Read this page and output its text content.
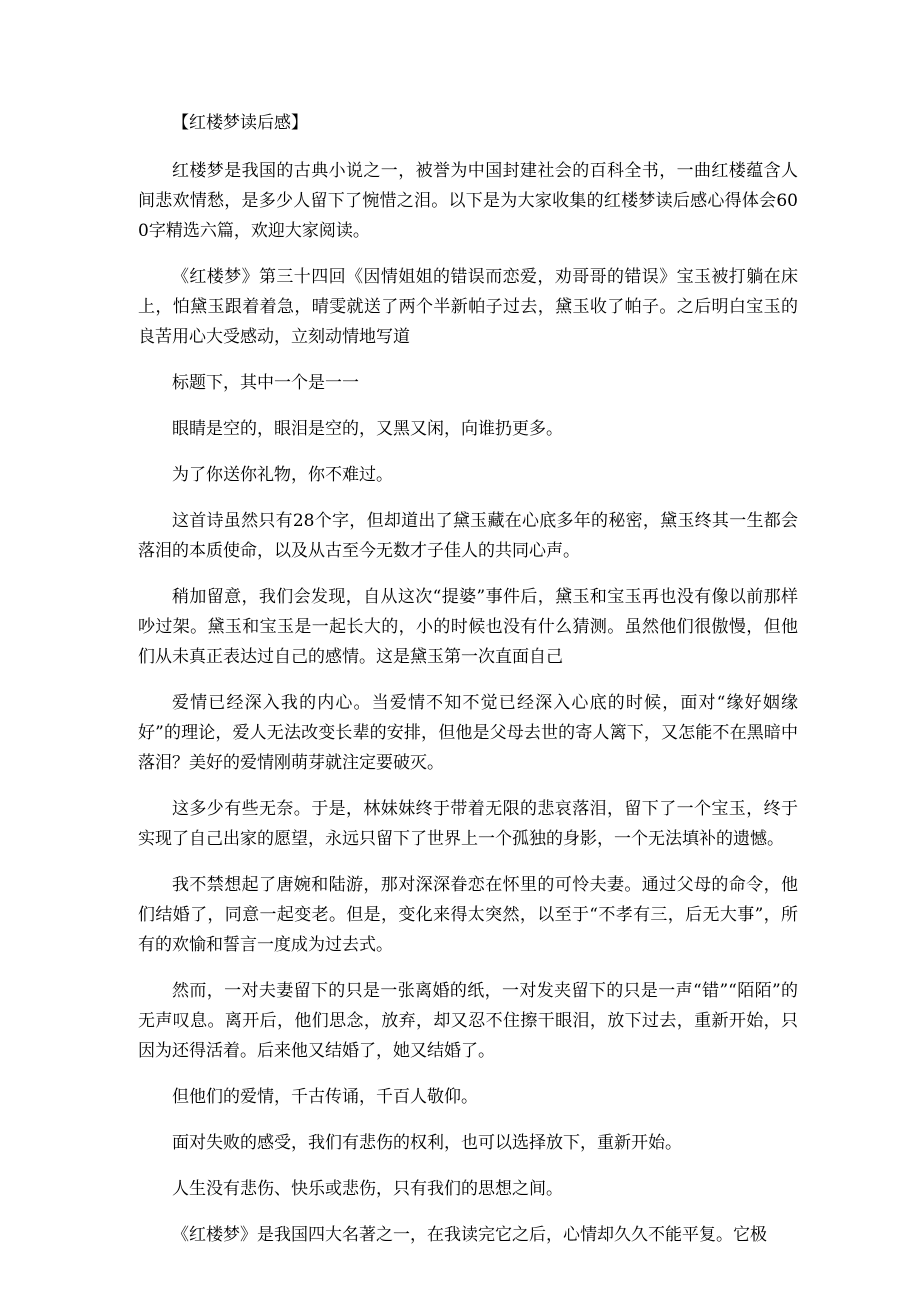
【红楼梦读后感】

红楼梦是我国的古典小说之一，被誉为中国封建社会的百科全书，一曲红楼蕴含人间悲欢情愁，是多少人留下了惋惜之泪。以下是为大家收集的红楼梦读后感心得体会600字精选六篇，欢迎大家阅读。

《红楼梦》第三十四回《因情姐姐的错误而恋爱，劝哥哥的错误》宝玉被打躺在床上，怕黛玉跟着着急，晴雯就送了两个半新帕子过去，黛玉收了帕子。之后明白宝玉的良苦用心大受感动，立刻动情地写道

标题下，其中一个是一一

眼睛是空的，眼泪是空的，又黑又闲，向谁扔更多。

为了你送你礼物，你不难过。

这首诗虽然只有28个字，但却道出了黛玉藏在心底多年的秘密，黛玉终其一生都会落泪的本质使命，以及从古至今无数才子佳人的共同心声。

稍加留意，我们会发现，自从这次“提婆”事件后，黛玉和宝玉再也没有像以前那样吵过架。黛玉和宝玉是一起长大的，小的时候也没有什么猜测。虽然他们很傲慢，但他们从未真正表达过自己的感情。这是黛玉第一次直面自己

爱情已经深入我的内心。当爱情不知不觉已经深入心底的时候，面对“缘好姻缘好”的理论，爱人无法改变长辈的安排，但他是父母去世的寄人篱下，又怎能不在黑暗中落泪？美好的爱情刚萌芽就注定要破灭。

这多少有些无奈。于是，林妹妹终于带着无限的悲哀落泪，留下了一个宝玉，终于实现了自己出家的愿望，永远只留下了世界上一个孤独的身影，一个无法填补的遗憾。

我不禁想起了唐婉和陆游，那对深深眷恋在怀里的可怜夫妻。通过父母的命令，他们结婚了，同意一起变老。但是，变化来得太突然，以至于“不孝有三，后无大事”，所有的欢愉和誓言一度成为过去式。

然而，一对夫妻留下的只是一张离婚的纸，一对发夹留下的只是一声“错”“陌陌”的无声叹息。离开后，他们思念，放弃，却又忍不住擦干眼泪，放下过去，重新开始，只因为还得活着。后来他又结婚了，她又结婚了。

但他们的爱情，千古传诵，千百人敬仰。

面对失败的感受，我们有悲伤的权利，也可以选择放下，重新开始。

人生没有悲伤、快乐或悲伤，只有我们的思想之间。

《红楼梦》是我国四大名著之一，在我读完它之后，心情却久久不能平复。它极
